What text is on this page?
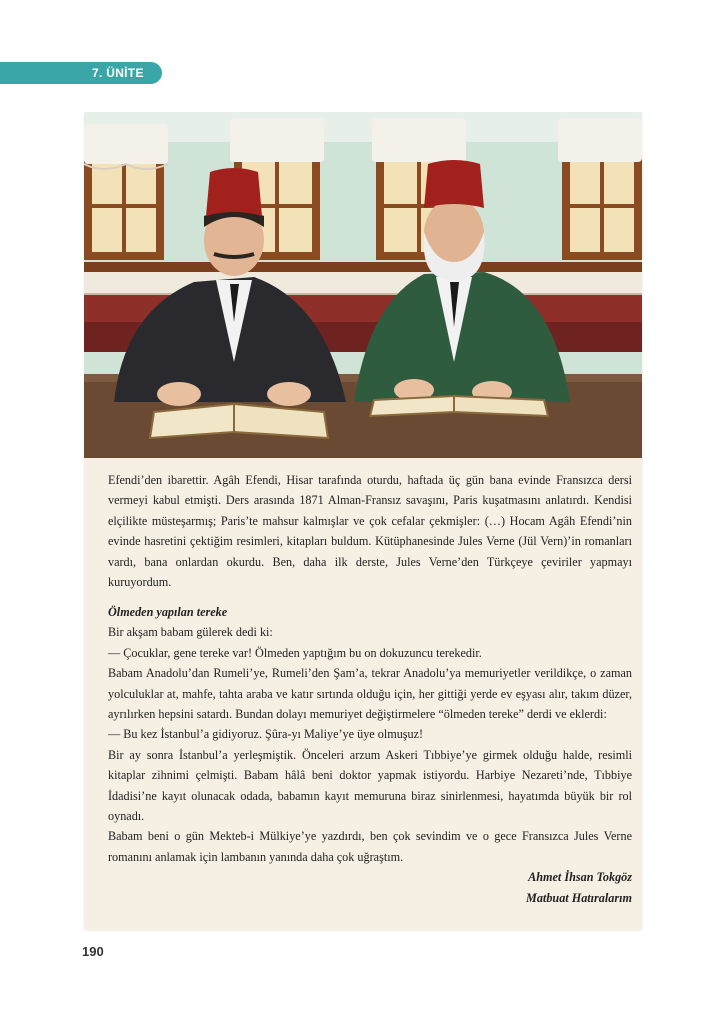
7. ÜNİTE

Efendi’den ibarettir. Agâh Efendi, Hisar tarafında oturdu, haftada üç gün bana evinde Fransızca dersi vermeyi kabul etmişti. Ders arasında 1871 Alman-Fransız savaşını, Paris kuşatmasını anlatırdı. Kendisi elçilikte müsteşarmış; Paris’te mahsur kalmışlar ve çok cefalar çekmişler: (…) Hocam Agâh Efendi’nin evinde hasretini çektiğim resimleri, kitapları buldum. Kütüphanesinde Jules Verne (Jül Vern)’in romanları vardı, bana onlardan okurdu. Ben, daha ilk derste, Jules Verne’den Türkçeye çeviriler yapmayı kuruyordum.

Ölmeden yapılan tereke

Bir akşam babam gülerek dedi ki:

— Çocuklar, gene tereke var! Ölmeden yaptığım bu on dokuzuncu terekedir.

Babam Anadolu’dan Rumeli’ye, Rumeli’den Şam’a, tekrar Anadolu’ya memuriyetler verildikçe, o zaman yolculuklar at, mahfe, tahta araba ve katır sırtında olduğu için, her gittiği yerde ev eşyası alır, takım düzer, ayrılırken hepsini satardı. Bundan dolayı memuriyet değiştirmelere “ölmeden tereke” derdi ve eklerdi:

— Bu kez İstanbul’a gidiyoruz. Şûra-yı Maliye’ye üye olmuşuz!

Bir ay sonra İstanbul’a yerleşmiştik. Önceleri arzum Askeri Tıbbiye’ye girmek olduğu halde, resimli kitaplar zihnimi çelmişti. Babam hâlâ beni doktor yapmak istiyordu. Harbiye Nezareti’nde, Tıbbiye İdadisi’ne kayıt olunacak odada, babamın kayıt memuruna biraz sinirlenmesi, hayatımda büyük bir rol oynadı.

Babam beni o gün Mekteb-i Mülkiye’ye yazdırdı, ben çok sevindim ve o gece Fransızca Jules Verne romanını anlamak için lambanın yanında daha çok uğraştım.

Ahmet İhsan Tokgöz

Matbuat Hatıralarım

190
